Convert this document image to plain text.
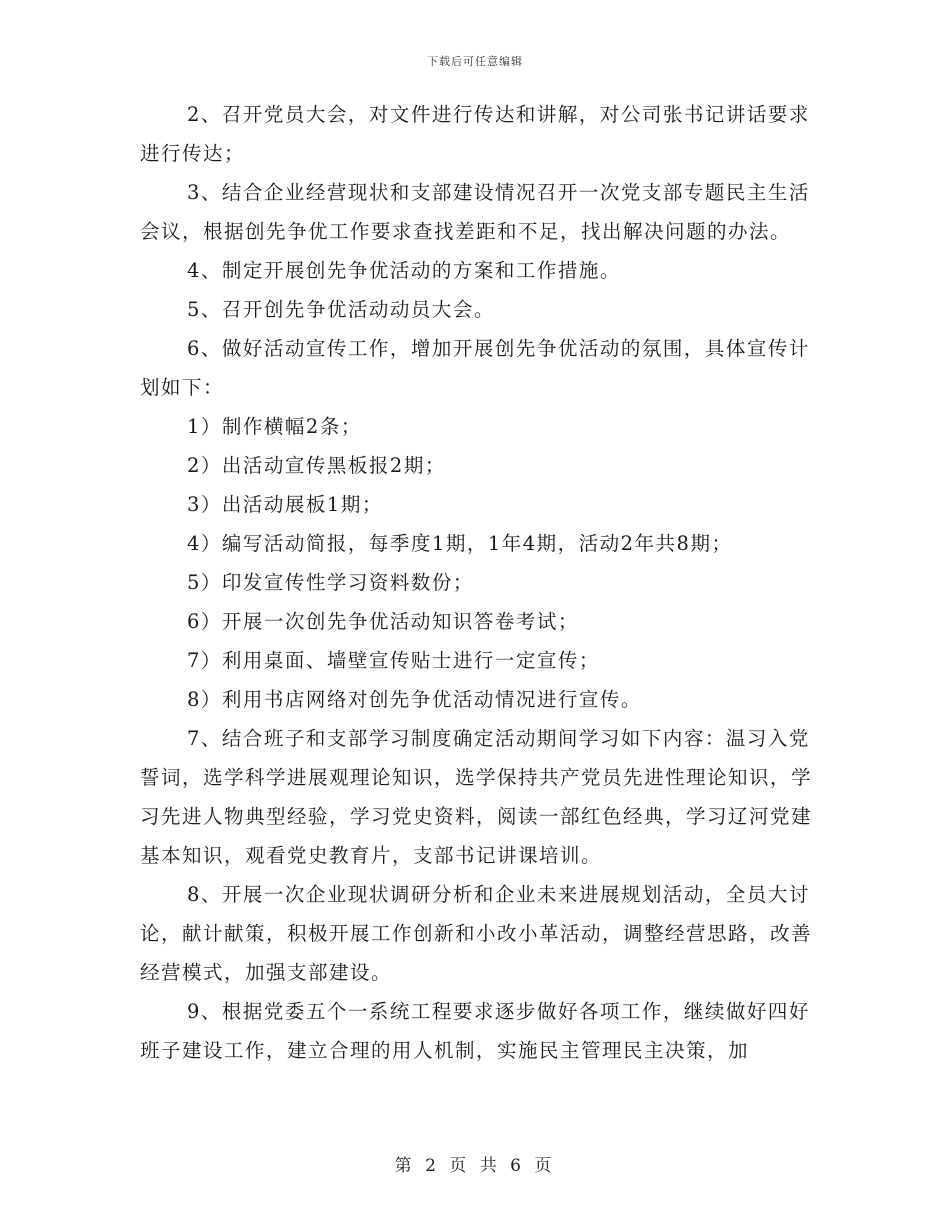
下载后可任意编辑

2、召开党员大会，对文件进行传达和讲解，对公司张书记讲话要求进行传达；

3、结合企业经营现状和支部建设情况召开一次党支部专题民主生活会议，根据创先争优工作要求查找差距和不足，找出解决问题的办法。

4、制定开展创先争优活动的方案和工作措施。

5、召开创先争优活动动员大会。

6、做好活动宣传工作，增加开展创先争优活动的氛围，具体宣传计划如下：

1）制作横幅2条；

2）出活动宣传黑板报2期；

3）出活动展板1期；

4）编写活动简报，每季度1期，1年4期，活动2年共8期；

5）印发宣传性学习资料数份；

6）开展一次创先争优活动知识答卷考试；

7）利用桌面、墙壁宣传贴士进行一定宣传；

8）利用书店网络对创先争优活动情况进行宣传。

7、结合班子和支部学习制度确定活动期间学习如下内容：温习入党誓词，选学科学进展观理论知识，选学保持共产党员先进性理论知识，学习先进人物典型经验，学习党史资料，阅读一部红色经典，学习辽河党建基本知识，观看党史教育片，支部书记讲课培训。

8、开展一次企业现状调研分析和企业未来进展规划活动，全员大讨论，献计献策，积极开展工作创新和小改小革活动，调整经营思路，改善经营模式，加强支部建设。

9、根据党委五个一系统工程要求逐步做好各项工作，继续做好四好班子建设工作，建立合理的用人机制，实施民主管理民主决策，加

第 2 页 共 6 页
